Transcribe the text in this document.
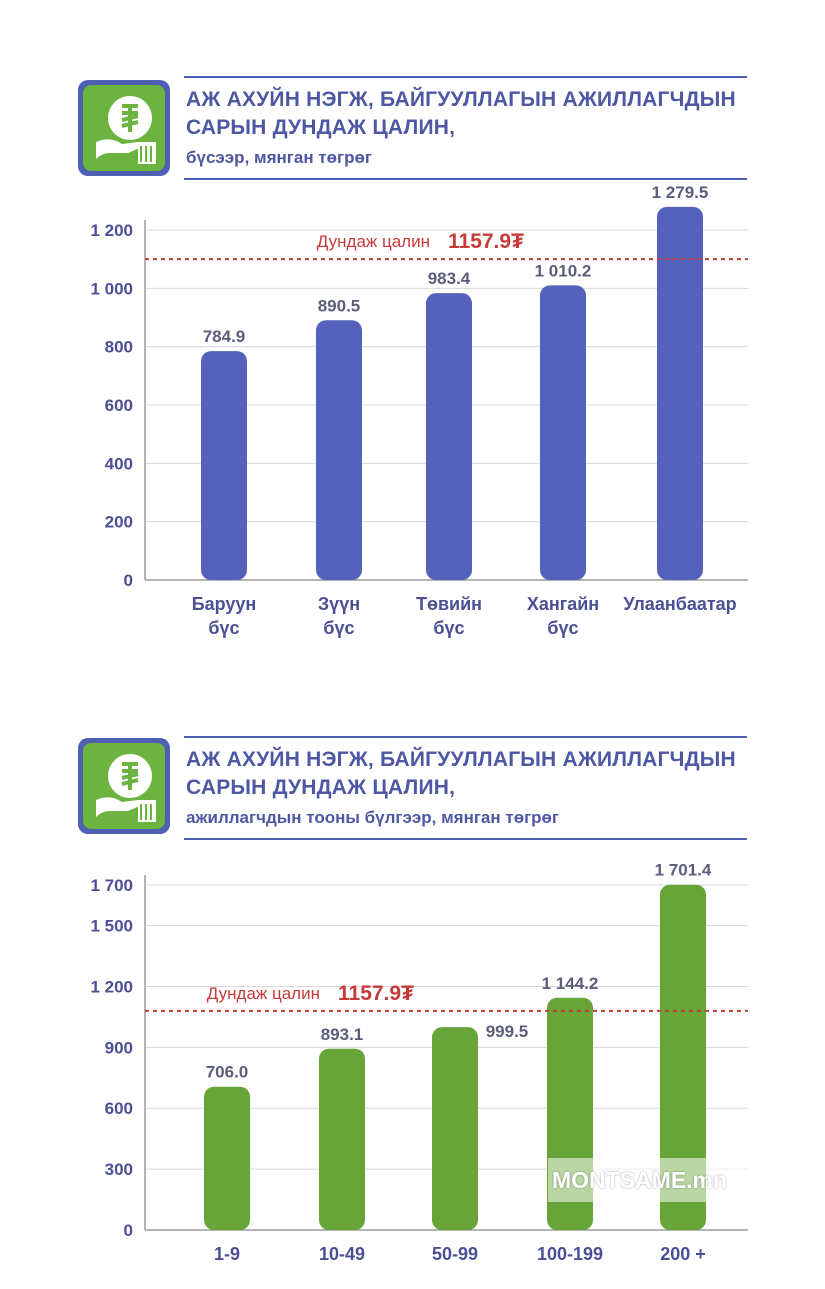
АЖ АХУЙН НЭГЖ, БАЙГУУЛЛАГЫН АЖИЛЛАГЧДЫН САРЫН ДУНДАЖ ЦАЛИН,
бүсээр, мянган төгрөг
0
200
400
600
800
1 000
1 200
784.9
Баруун
бүс
890.5
Зүүн
бүс
983.4
Төвийн
бүс
1 010.2
Хангайн
бүс
1 279.5
Улаанбаатар
Дундаж цалин 1157.9₮
АЖ АХУЙН НЭГЖ, БАЙГУУЛЛАГЫН АЖИЛЛАГЧДЫН САРЫН ДУНДАЖ ЦАЛИН,
ажиллагчдын тооны бүлгээр, мянган төгрөг
0
300
600
900
1 200
1 500
1 700
706.0
1-9
893.1
10-49
999.5
50-99
1 144.2
100-199
1 701.4
200 +
Дундаж цалин 1157.9₮
MONTSAME.mn
